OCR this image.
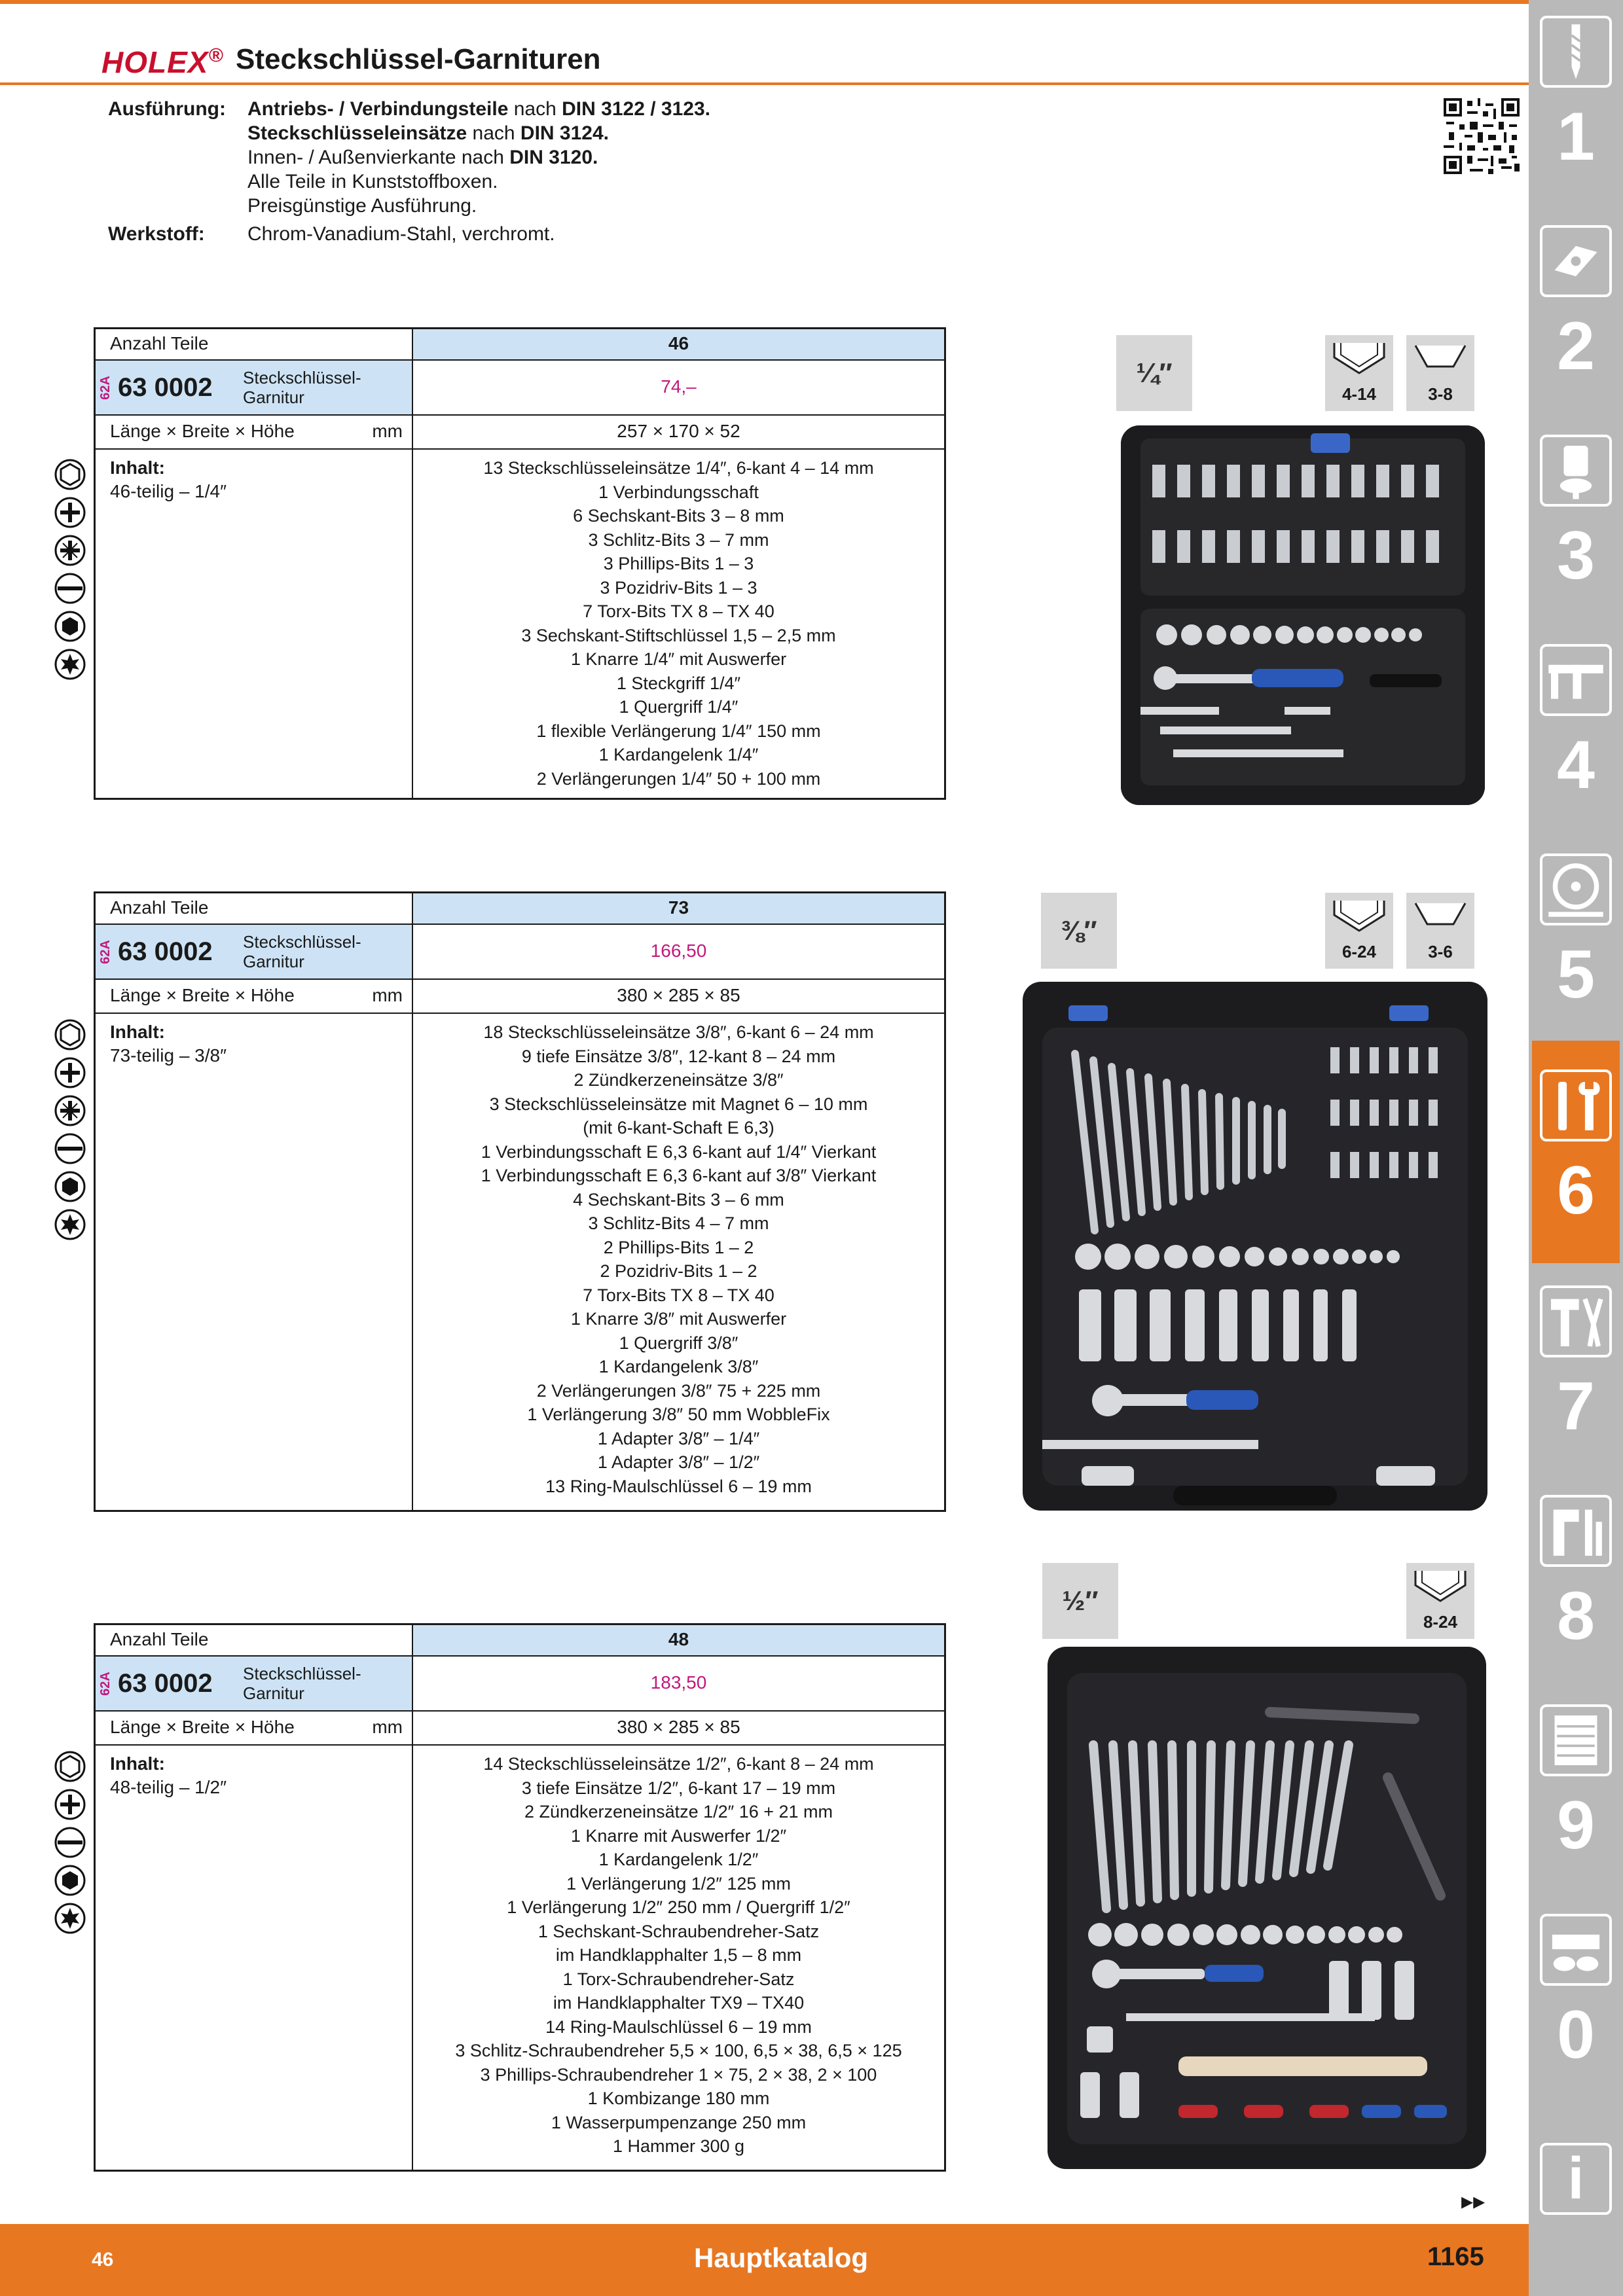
HOLEX® Steckschlüssel-Garnituren
Ausführung:	Antriebs- / Verbindungsteile nach DIN 3122 / 3123.
Steckschlüsseleinsätze nach DIN 3124.
Innen- / Außenvierkante nach DIN 3120.
Alle Teile in Kunststoffboxen.
Preisgünstige Ausführung.
Werkstoff:	Chrom-Vanadium-Stahl, verchromt.
Anzahl Teile	46
62A 63 0002	Steckschlüssel-
Garnitur
74,–
Länge × Breite × Höhe	mm	257 × 170 × 52
Inhalt:
46-teilig – 1/4″
13 Steckschlüsseleinsätze 1/4″, 6-kant 4 – 14 mm
1 Verbindungsschaft
6 Sechskant-Bits 3 – 8 mm
3 Schlitz-Bits 3 – 7 mm
3 Phillips-Bits 1 – 3
3 Pozidriv-Bits 1 – 3
7 Torx-Bits TX 8 – TX 40
3 Sechskant-Stiftschlüssel 1,5 – 2,5 mm
1 Knarre 1/4″ mit Auswerfer
1 Steckgriff 1/4″
1 Quergriff 1/4″
1 flexible Verlängerung 1/4″ 150 mm
1 Kardangelenk 1/4″
2 Verlängerungen 1/4″ 50 + 100 mm
¼″
4-14	3-8
Anzahl Teile	73
62A 63 0002	Steckschlüssel-
Garnitur
166,50
Länge × Breite × Höhe	mm	380 × 285 × 85
Inhalt:
73-teilig – 3/8″
18 Steckschlüsseleinsätze 3/8″, 6-kant 6 – 24 mm
9 tiefe Einsätze 3/8″, 12-kant 8 – 24 mm
2 Zündkerzeneinsätze 3/8″
3 Steckschlüsseleinsätze mit Magnet 6 – 10 mm
(mit 6-kant-Schaft E 6,3)
1 Verbindungsschaft E 6,3 6-kant auf 1/4″ Vierkant
1 Verbindungsschaft E 6,3 6-kant auf 3/8″ Vierkant
4 Sechskant-Bits 3 – 6 mm
3 Schlitz-Bits 4 – 7 mm
2 Phillips-Bits 1 – 2
2 Pozidriv-Bits 1 – 2
7 Torx-Bits TX 8 – TX 40
1 Knarre 3/8″ mit Auswerfer
1 Quergriff 3/8″
1 Kardangelenk 3/8″
2 Verlängerungen 3/8″ 75 + 225 mm
1 Verlängerung 3/8″ 50 mm WobbleFix
1 Adapter 3/8″ – 1/4″
1 Adapter 3/8″ – 1/2″
13 Ring-Maulschlüssel 6 – 19 mm
⅜″
6-24	3-6
Anzahl Teile	48
62A 63 0002	Steckschlüssel-
Garnitur
183,50
Länge × Breite × Höhe	mm	380 × 285 × 85
Inhalt:
48-teilig – 1/2″
14 Steckschlüsseleinsätze 1/2″, 6-kant 8 – 24 mm
3 tiefe Einsätze 1/2″, 6-kant 17 – 19 mm
2 Zündkerzeneinsätze 1/2″ 16 + 21 mm
1 Knarre mit Auswerfer 1/2″
1 Kardangelenk 1/2″
1 Verlängerung 1/2″ 125 mm
1 Verlängerung 1/2″ 250 mm / Quergriff 1/2″
1 Sechskant-Schraubendreher-Satz
im Handklapphalter 1,5 – 8 mm
1 Torx-Schraubendreher-Satz
im Handklapphalter TX9 – TX40
14 Ring-Maulschlüssel 6 – 19 mm
3 Schlitz-Schraubendreher 5,5 × 100, 6,5 × 38, 6,5 × 125
3 Phillips-Schraubendreher 1 × 75, 2 × 38, 2 × 100
1 Kombizange 180 mm
1 Wasserpumpenzange 250 mm
1 Hammer 300 g
½″
8-24
1
2
3
4
5
6
7
8
9
0
i
▸▸
46	Hauptkatalog	1165
